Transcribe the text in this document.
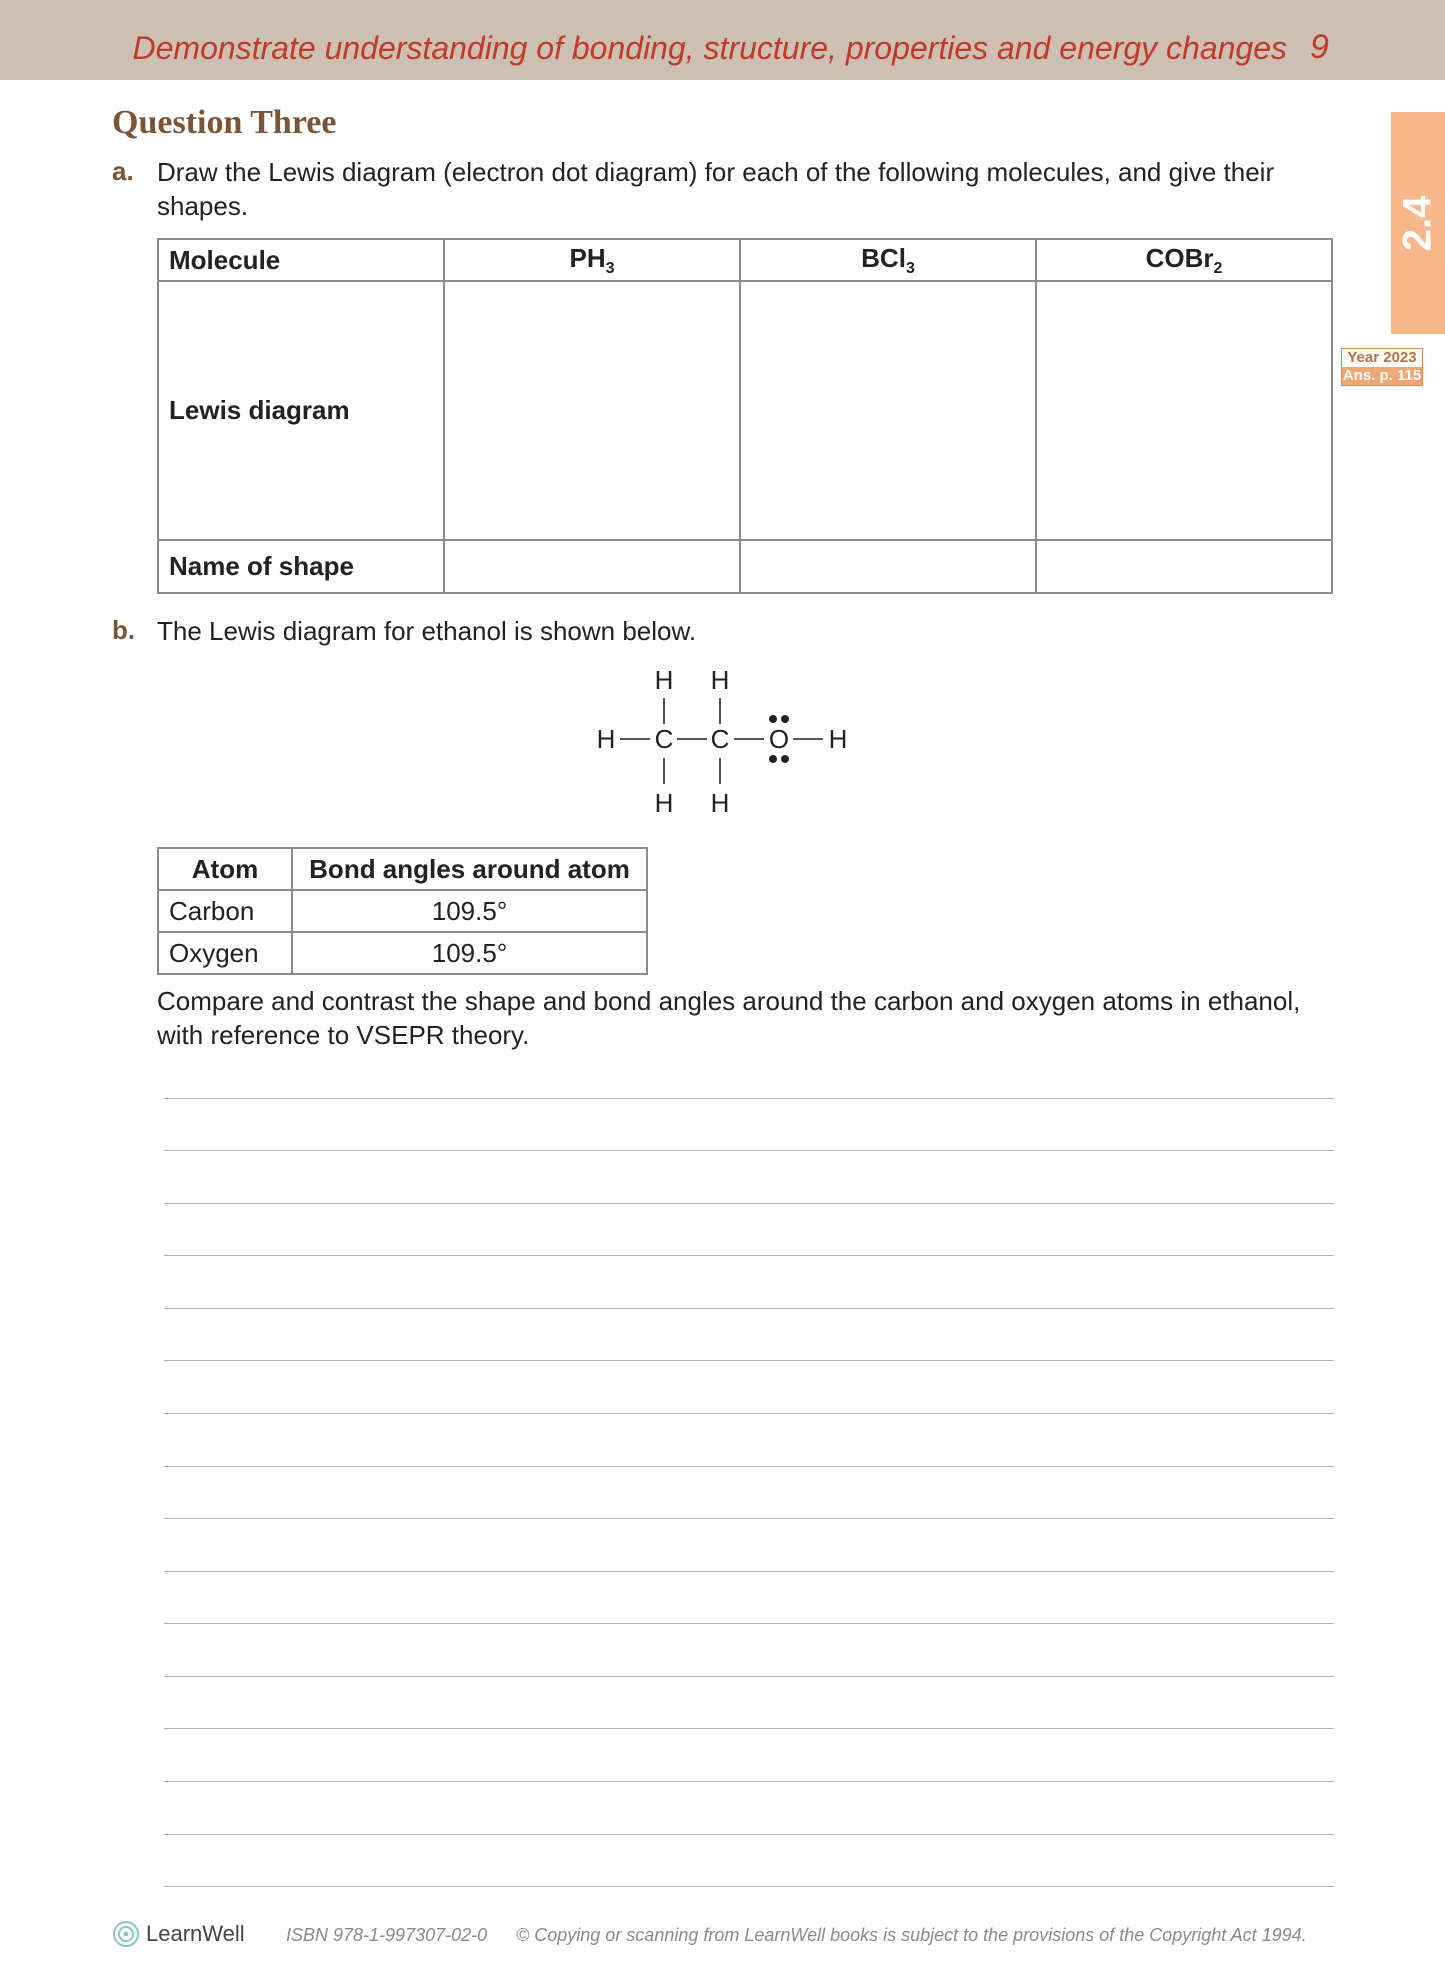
Demonstrate understanding of bonding, structure, properties and energy changes 9
2.4
Year 2023
Ans. p. 115
Question Three
a. Draw the Lewis diagram (electron dot diagram) for each of the following molecules, and give their shapes.
Molecule	$PH_3$	BCl$_3$	COBr$_2$
Lewis diagram			
Name of shape			
b. The Lewis diagram for ethanol is shown below.
H H
H C C O H
H H
Atom	Bond angles around atom
Carbon	109.5°
Oxygen	109.5°
Compare and contrast the shape and bond angles around the carbon and oxygen atoms in ethanol, with reference to VSEPR theory.
LearnWell ISBN 978-1-997307-02-0 © Copying or scanning from LearnWell books is subject to the provisions of the Copyright Act 1994.
